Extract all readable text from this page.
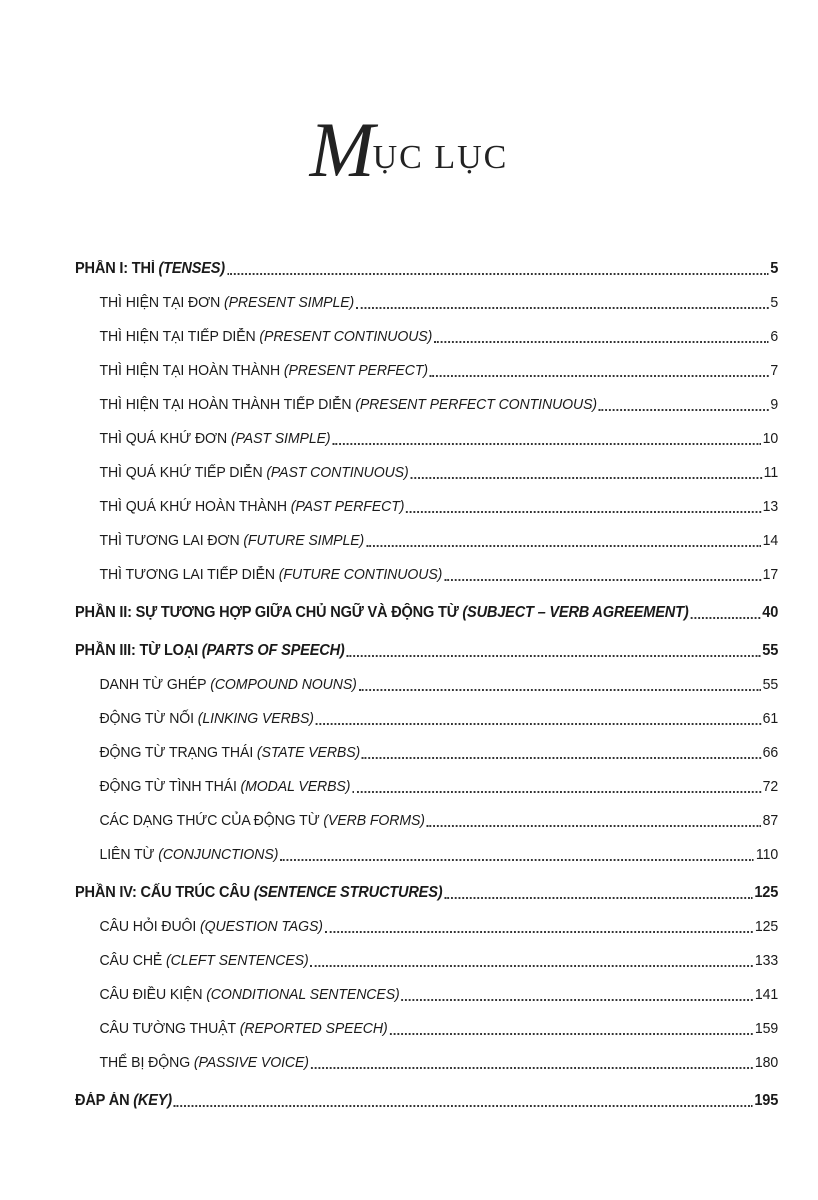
MỤC LỤC
PHẦN I: THÌ (TENSES)	5
THÌ HIỆN TẠI ĐƠN (PRESENT SIMPLE)	5
THÌ HIỆN TẠI TIẾP DIỄN (PRESENT CONTINUOUS)	6
THÌ HIỆN TẠI HOÀN THÀNH (PRESENT PERFECT)	7
THÌ HIỆN TẠI HOÀN THÀNH TIẾP DIỄN (PRESENT PERFECT CONTINUOUS)	9
THÌ QUÁ KHỨ ĐƠN (PAST SIMPLE)	10
THÌ QUÁ KHỨ TIẾP DIỄN (PAST CONTINUOUS)	11
THÌ QUÁ KHỨ HOÀN THÀNH (PAST PERFECT)	13
THÌ TƯƠNG LAI ĐƠN (FUTURE SIMPLE)	14
THÌ TƯƠNG LAI TIẾP DIỄN (FUTURE CONTINUOUS)	17
PHẦN II: SỰ TƯƠNG HỢP GIỮA CHỦ NGỮ VÀ ĐỘNG TỪ (SUBJECT – VERB AGREEMENT)	40
PHẦN III: TỪ LOẠI (PARTS OF SPEECH)	55
DANH TỪ GHÉP (COMPOUND NOUNS)	55
ĐỘNG TỪ NỐI (LINKING VERBS)	61
ĐỘNG TỪ TRẠNG THÁI (STATE VERBS)	66
ĐỘNG TỪ TÌNH THÁI (MODAL VERBS)	72
CÁC DẠNG THỨC CỦA ĐỘNG TỪ (VERB FORMS)	87
LIÊN TỪ (CONJUNCTIONS)	110
PHẦN IV: CẤU TRÚC CÂU (SENTENCE STRUCTURES)	125
CÂU HỎI ĐUÔI (QUESTION TAGS)	125
CÂU CHẺ (CLEFT SENTENCES)	133
CÂU ĐIỀU KIỆN (CONDITIONAL SENTENCES)	141
CÂU TƯỜNG THUẬT (REPORTED SPEECH)	159
THỂ BỊ ĐỘNG (PASSIVE VOICE)	180
ĐÁP ÁN (KEY)	195
